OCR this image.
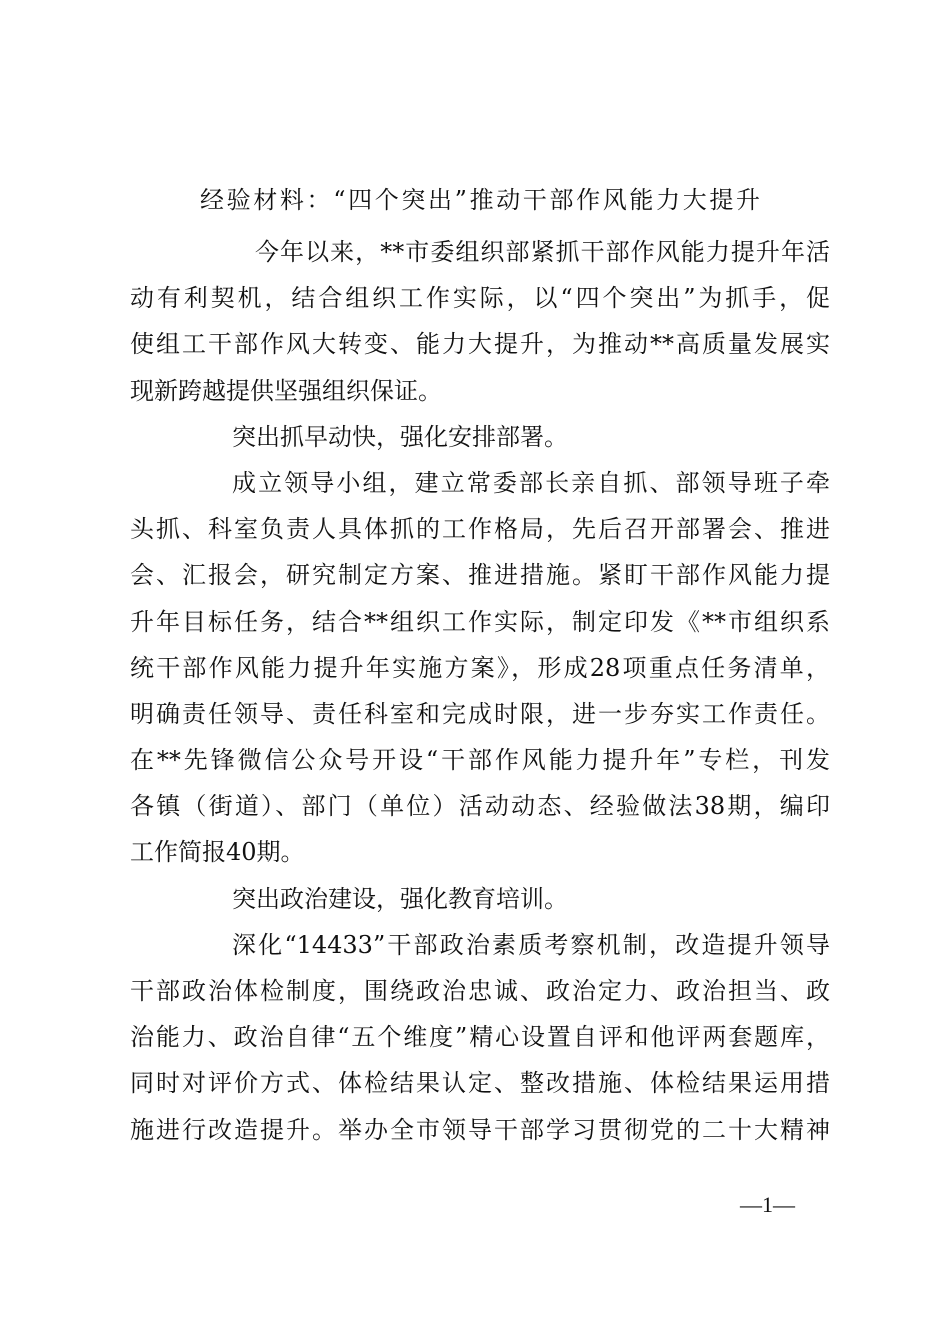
经验材料：“四个突出”推动干部作风能力大提升
今年以来，**市委组织部紧抓干部作风能力提升年活
动有利契机，结合组织工作实际，以“四个突出”为抓手，促
使组工干部作风大转变、能力大提升，为推动**高质量发展实
现新跨越提供坚强组织保证。
突出抓早动快，强化安排部署。
成立领导小组，建立常委部长亲自抓、部领导班子牵
头抓、科室负责人具体抓的工作格局，先后召开部署会、推进
会、汇报会，研究制定方案、推进措施。紧盯干部作风能力提
升年目标任务，结合**组织工作实际，制定印发《**市组织系
统干部作风能力提升年实施方案》，形成28项重点任务清单，
明确责任领导、责任科室和完成时限，进一步夯实工作责任。
在**先锋微信公众号开设“干部作风能力提升年”专栏，刊发
各镇（街道）、部门（单位）活动动态、经验做法38期，编印
工作简报40期。
突出政治建设，强化教育培训。
深化“14433”干部政治素质考察机制，改造提升领导
干部政治体检制度，围绕政治忠诚、政治定力、政治担当、政
治能力、政治自律“五个维度”精心设置自评和他评两套题库，
同时对评价方式、体检结果认定、整改措施、体检结果运用措
施进行改造提升。举办全市领导干部学习贯彻党的二十大精神
—1—
